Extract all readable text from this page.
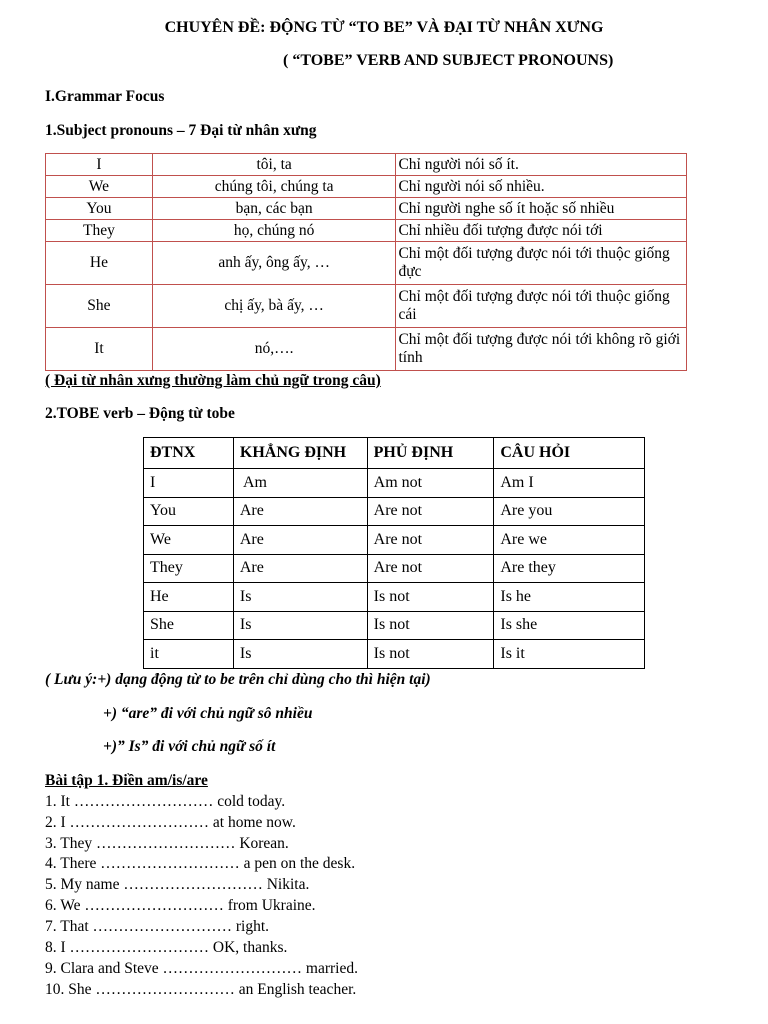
CHUYÊN ĐỀ: ĐỘNG TỪ “TO BE” VÀ ĐẠI TỪ NHÂN XƯNG
( “TOBE” VERB AND SUBJECT PRONOUNS)
I.Grammar Focus
1.Subject pronouns – 7 Đại từ nhân xưng
I	tôi, ta	Chỉ người nói số ít.
We	chúng tôi, chúng ta	Chỉ người nói số nhiều.
You	bạn, các bạn	Chỉ người nghe số ít hoặc số nhiều
They	họ, chúng nó	Chỉ nhiều đối tượng được nói tới
He	anh ấy, ông ấy, …	Chỉ một đối tượng được nói tới thuộc giống đực
She	chị ấy, bà ấy, …	Chỉ một đối tượng được nói tới thuộc giống cái
It	nó,….	Chỉ một đối tượng được nói tới không rõ giới tính
( Đại từ nhân xưng thường làm chủ ngữ trong câu)
2.TOBE verb – Động từ tobe
ĐTNX	KHẲNG ĐỊNH	PHỦ ĐỊNH	CÂU HỎI
I	Am	Am not	Am I
You	Are	Are not	Are you
We	Are	Are not	Are we
They	Are	Are not	Are they
He	Is	Is not	Is he
She	Is	Is not	Is she
it	Is	Is not	Is it
( Lưu ý:+) dạng động từ to be trên chỉ dùng cho thì hiện tại)
+) “are” đi với chủ ngữ sô nhiều
+)” Is” đi với chủ ngữ số ít
Bài tập 1. Điền am/is/are
1. It ……………………… cold today.
2. I ……………………… at home now.
3. They ……………………… Korean.
4. There ……………………… a pen on the desk.
5. My name ……………………… Nikita.
6. We ……………………… from Ukraine.
7. That ……………………… right.
8. I ……………………… OK, thanks.
9. Clara and Steve ……………………… married.
10. She ……………………… an English teacher.
